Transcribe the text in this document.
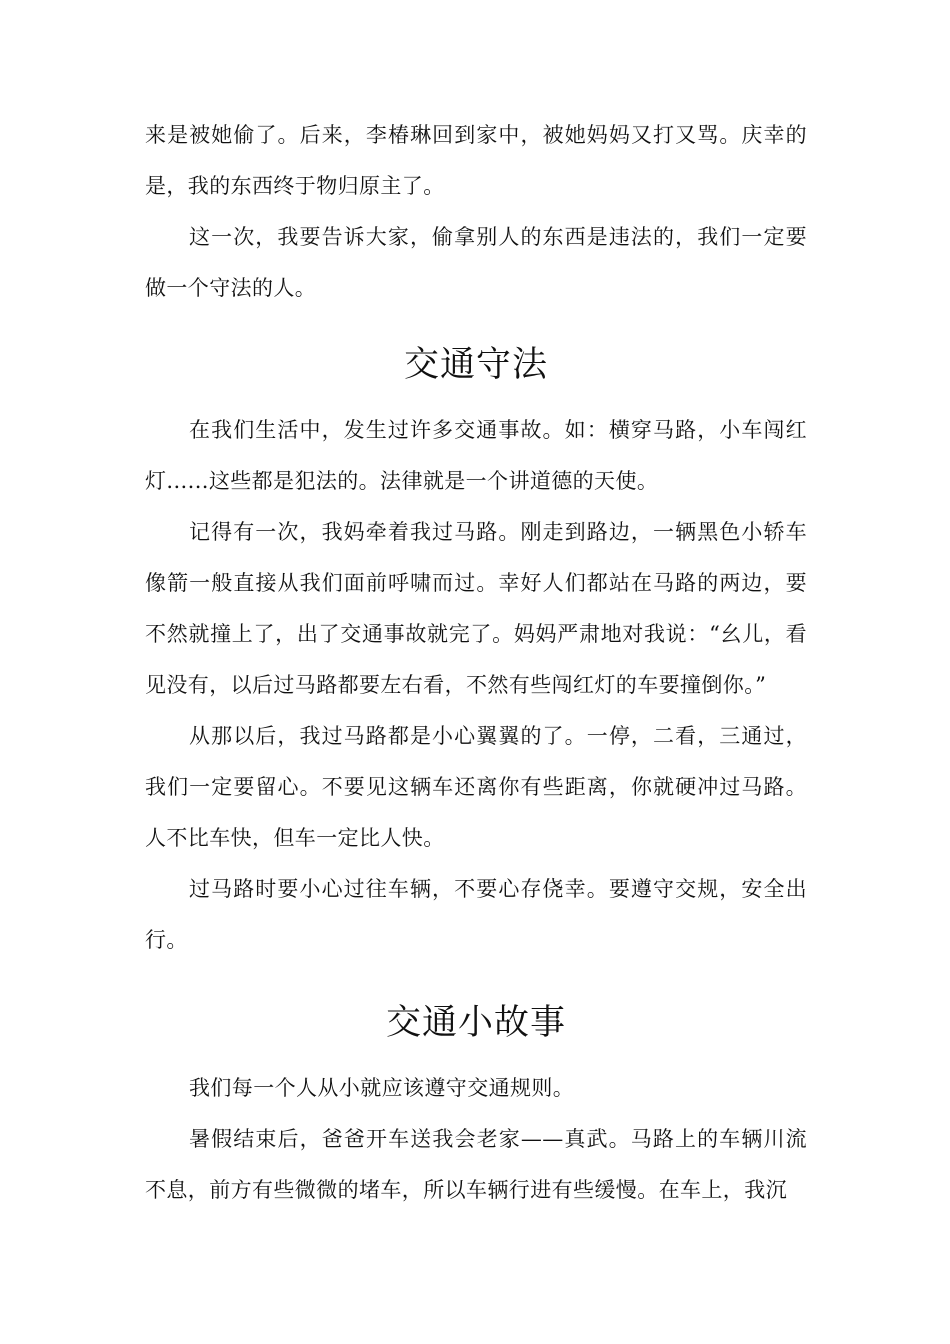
来是被她偷了。后来，李椿琳回到家中，被她妈妈又打又骂。庆幸的是，我的东西终于物归原主了。

这一次，我要告诉大家，偷拿别人的东西是违法的，我们一定要做一个守法的人。

交通守法

在我们生活中，发生过许多交通事故。如：横穿马路，小车闯红灯......这些都是犯法的。法律就是一个讲道德的天使。

记得有一次，我妈牵着我过马路。刚走到路边，一辆黑色小轿车像箭一般直接从我们面前呼啸而过。幸好人们都站在马路的两边，要不然就撞上了，出了交通事故就完了。妈妈严肃地对我说：“幺儿，看见没有，以后过马路都要左右看，不然有些闯红灯的车要撞倒你。”

从那以后，我过马路都是小心翼翼的了。一停，二看，三通过，我们一定要留心。不要见这辆车还离你有些距离，你就硬冲过马路。人不比车快，但车一定比人快。

过马路时要小心过往车辆，不要心存侥幸。要遵守交规，安全出行。

交通小故事

我们每一个人从小就应该遵守交通规则。

暑假结束后，爸爸开车送我会老家——真武。马路上的车辆川流不息，前方有些微微的堵车，所以车辆行进有些缓慢。在车上，我沉
